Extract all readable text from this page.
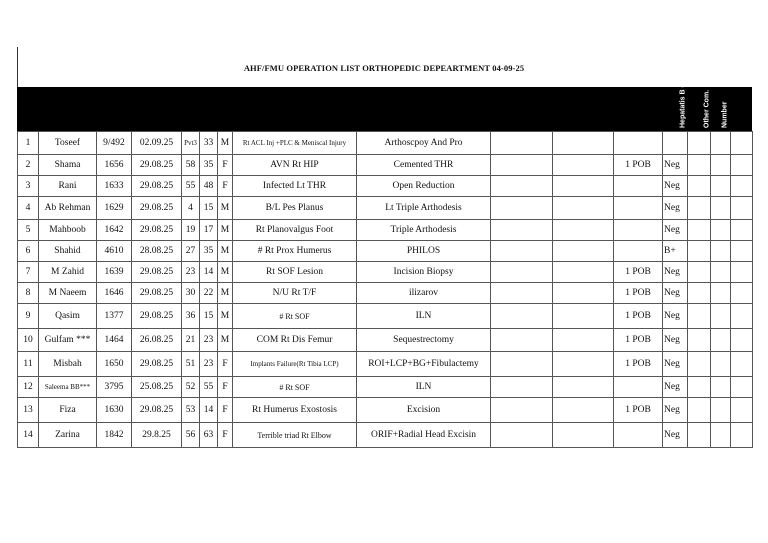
AHF/FMU OPERATION LIST ORTHOPEDIC DEPEARTMENT 04-09-25
Hepatatis B or C	Other Com.	Number
1	Toseef	9/492	02.09.25	Pvt3	33	M	Rt ACL Inj +PLC & Meniscal Injury	Arthoscpoy And Pro							
2	Shama	1656	29.08.25	58	35	F	AVN Rt HIP	Cemented THR			1 POB	Neg			
3	Rani	1633	29.08.25	55	48	F	Infected Lt THR	Open Reduction				Neg			
4	Ab Rehman	1629	29.08.25	4	15	M	B/L Pes Planus	Lt Triple Arthodesis				Neg			
5	Mahboob	1642	29.08.25	19	17	M	Rt Planovalgus Foot	Triple Arthodesis				Neg			
6	Shahid	4610	28.08.25	27	35	M	# Rt Prox Humerus	PHILOS				B+			
7	M Zahid	1639	29.08.25	23	14	M	Rt SOF Lesion	Incision Biopsy			1 POB	Neg			
8	M Naeem	1646	29.08.25	30	22	M	N/U Rt T/F	ilizarov			1 POB	Neg			
9	Qasim	1377	29.08.25	36	15	M	# Rt SOF	ILN			1 POB	Neg			
10	Gulfam ***	1464	26.08.25	21	23	M	COM Rt Dis Femur	Sequestrectomy			1 POB	Neg			
11	Misbah	1650	29.08.25	51	23	F	Implants Failure(Rt Tibia LCP)	ROI+LCP+BG+Fibulactemy			1 POB	Neg			
12	Saleema BB***	3795	25.08.25	52	55	F	# Rt SOF	ILN				Neg			
13	Fiza	1630	29.08.25	53	14	F	Rt Humerus Exostosis	Excision			1 POB	Neg			
14	Zarina	1842	29.8.25	56	63	F	Terrible triad Rt Elbow	ORIF+Radial Head Excisin				Neg			
